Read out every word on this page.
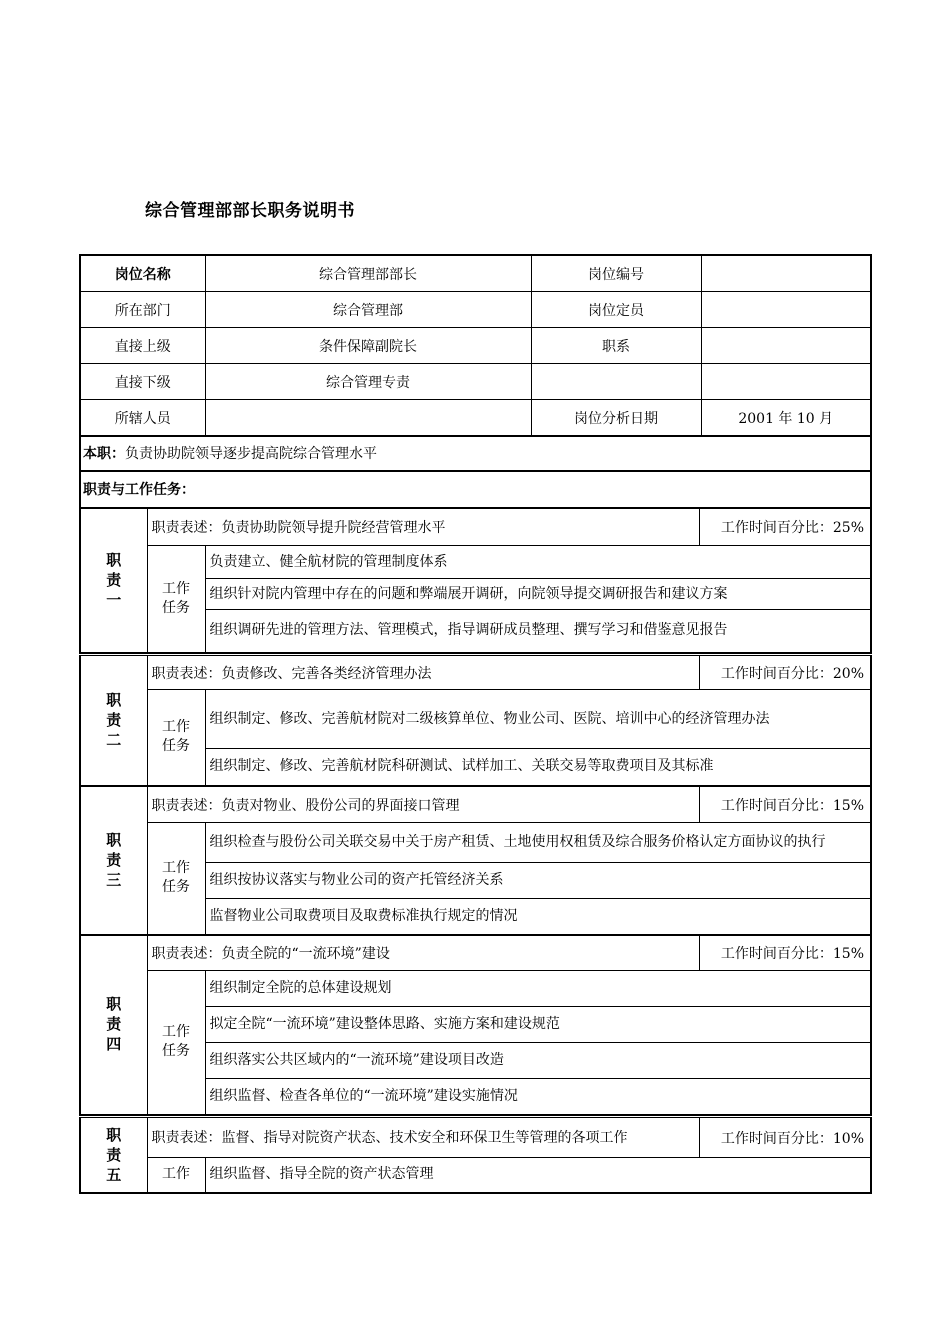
综合管理部部长职务说明书
岗位名称	综合管理部部长	岗位编号	
所在部门	综合管理部	岗位定员	
直接上级	条件保障副院长	职系	
直接下级	综合管理专责		
所辖人员		岗位分析日期	2001 年 10 月
本职： 负责协助院领导逐步提高院综合管理水平
职责与工作任务：
职
责
一	职责表述：负责协助院领导提升院经营管理水平		工作时间百分比：25%

	工作
任务	负责建立、健全航材院的管理制度体系	
		组织针对院内管理中存在的问题和弊端展开调研，向院领导提交调研报告和建议方案	
		组织调研先进的管理方法、管理模式，指导调研成员整理、撰写学习和借鉴意见报告	
职
责
二	职责表述：负责修改、完善各类经济管理办法		工作时间百分比：20%

	工作
任务	组织制定、修改、完善航材院对二级核算单位、物业公司、医院、培训中心的经济管理办法	
		组织制定、修改、完善航材院科研测试、试样加工、关联交易等取费项目及其标准	
职
责
三	职责表述：负责对物业、股份公司的界面接口管理		工作时间百分比：15%

	工作
任务	组织检查与股份公司关联交易中关于房产租赁、土地使用权租赁及综合服务价格认定方面协议的执行	
		组织按协议落实与物业公司的资产托管经济关系	
		监督物业公司取费项目及取费标准执行规定的情况	
职
责
四	职责表述：负责全院的“一流环境”建设		工作时间百分比：15%

	工作
任务	组织制定全院的总体建设规划	
		拟定全院“一流环境”建设整体思路、实施方案和建设规范	
		组织落实公共区域内的“一流环境”建设项目改造	
		组织监督、检查各单位的“一流环境”建设实施情况	
职
责
五	职责表述：监督、指导对院资产状态、技术安全和环保卫生等管理的各项工作		工作时间百分比：10%
	工作	组织监督、指导全院的资产状态管理	
